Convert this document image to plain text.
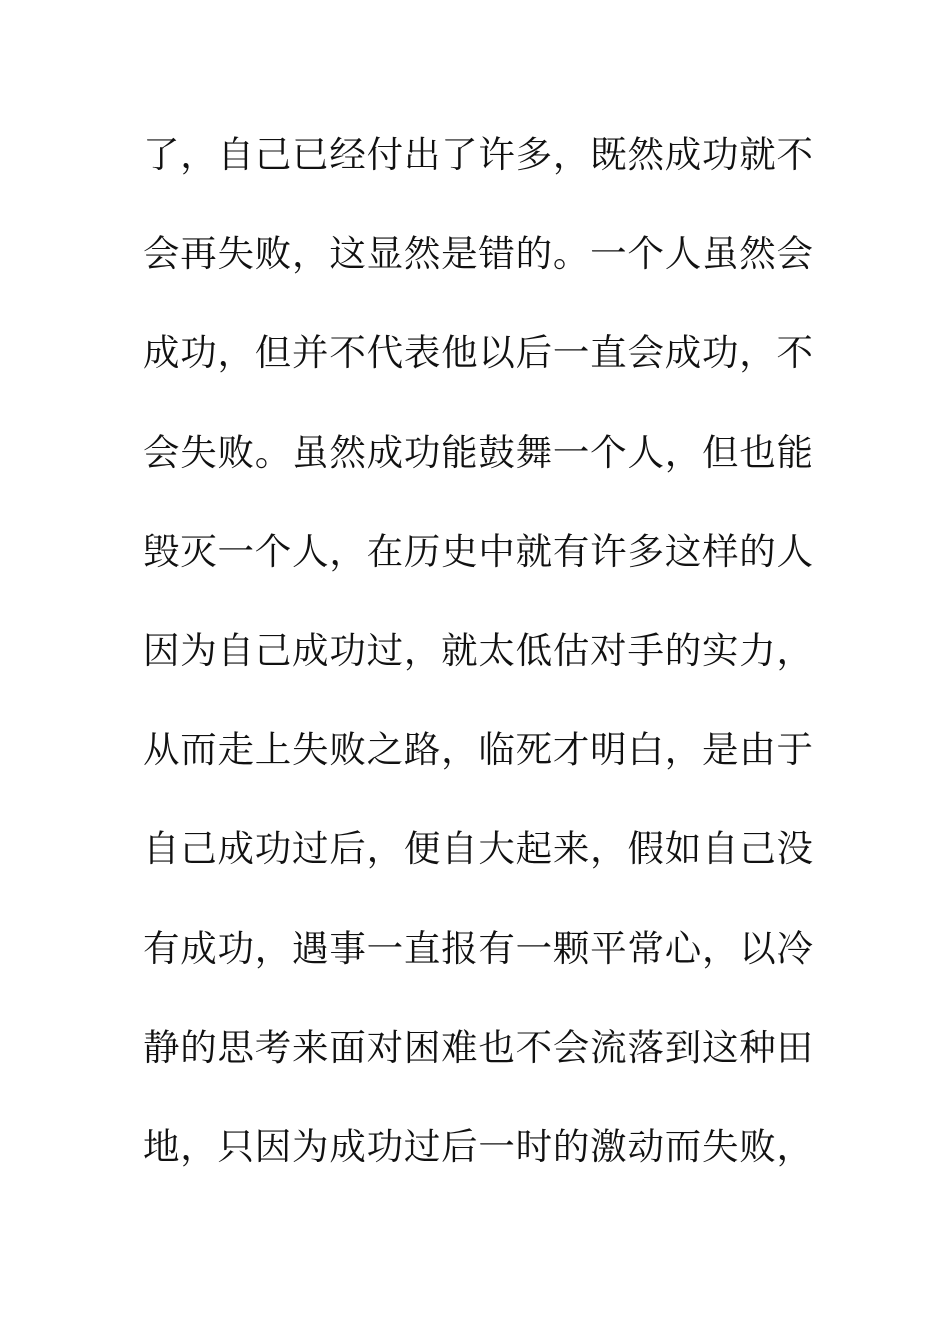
了，自己已经付出了许多，既然成功就不
会再失败，这显然是错的。一个人虽然会
成功，但并不代表他以后一直会成功，不
会失败。虽然成功能鼓舞一个人，但也能
毁灭一个人，在历史中就有许多这样的人
因为自己成功过，就太低估对手的实力，
从而走上失败之路，临死才明白，是由于
自己成功过后，便自大起来，假如自己没
有成功，遇事一直报有一颗平常心，以冷
静的思考来面对困难也不会流落到这种田
地，只因为成功过后一时的激动而失败，
